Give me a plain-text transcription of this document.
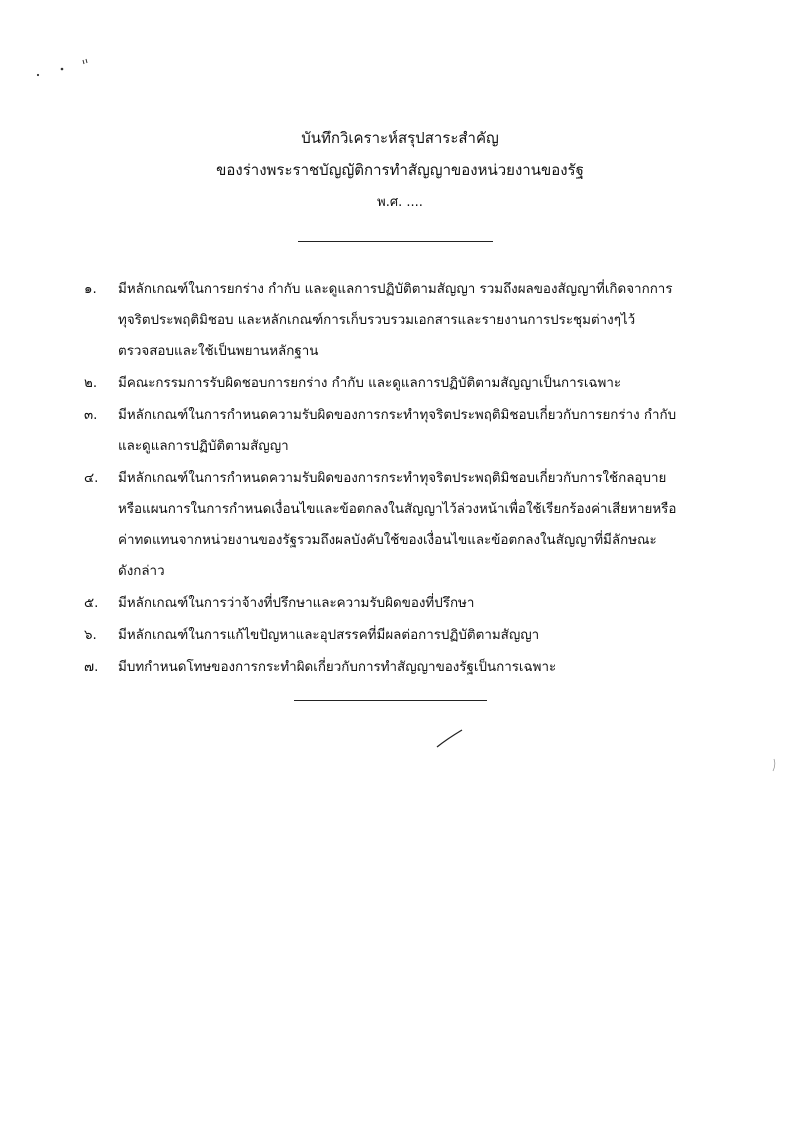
บันทึกวิเคราะห์สรุปสาระสำคัญ
ของร่างพระราชบัญญัติการทำสัญญาของหน่วยงานของรัฐ
พ.ศ. ....
๑.	มีหลักเกณฑ์ในการยกร่าง กำกับ และดูแลการปฏิบัติตามสัญญา รวมถึงผลของสัญญาที่เกิดจากการ
ทุจริตประพฤติมิชอบ และหลักเกณฑ์การเก็บรวบรวมเอกสารและรายงานการประชุมต่างๆไว้
ตรวจสอบและใช้เป็นพยานหลักฐาน
๒.	มีคณะกรรมการรับผิดชอบการยกร่าง กำกับ และดูแลการปฏิบัติตามสัญญาเป็นการเฉพาะ
๓.	มีหลักเกณฑ์ในการกำหนดความรับผิดของการกระทำทุจริตประพฤติมิชอบเกี่ยวกับการยกร่าง กำกับ
และดูแลการปฏิบัติตามสัญญา
๔.	มีหลักเกณฑ์ในการกำหนดความรับผิดของการกระทำทุจริตประพฤติมิชอบเกี่ยวกับการใช้กลอุบาย
หรือแผนการในการกำหนดเงื่อนไขและข้อตกลงในสัญญาไว้ล่วงหน้าเพื่อใช้เรียกร้องค่าเสียหายหรือ
ค่าทดแทนจากหน่วยงานของรัฐรวมถึงผลบังคับใช้ของเงื่อนไขและข้อตกลงในสัญญาที่มีลักษณะ
ดังกล่าว
๕.	มีหลักเกณฑ์ในการว่าจ้างที่ปรึกษาและความรับผิดของที่ปรึกษา
๖.	มีหลักเกณฑ์ในการแก้ไขปัญหาและอุปสรรคที่มีผลต่อการปฏิบัติตามสัญญา
๗.	มีบทกำหนดโทษของการกระทำผิดเกี่ยวกับการทำสัญญาของรัฐเป็นการเฉพาะ
